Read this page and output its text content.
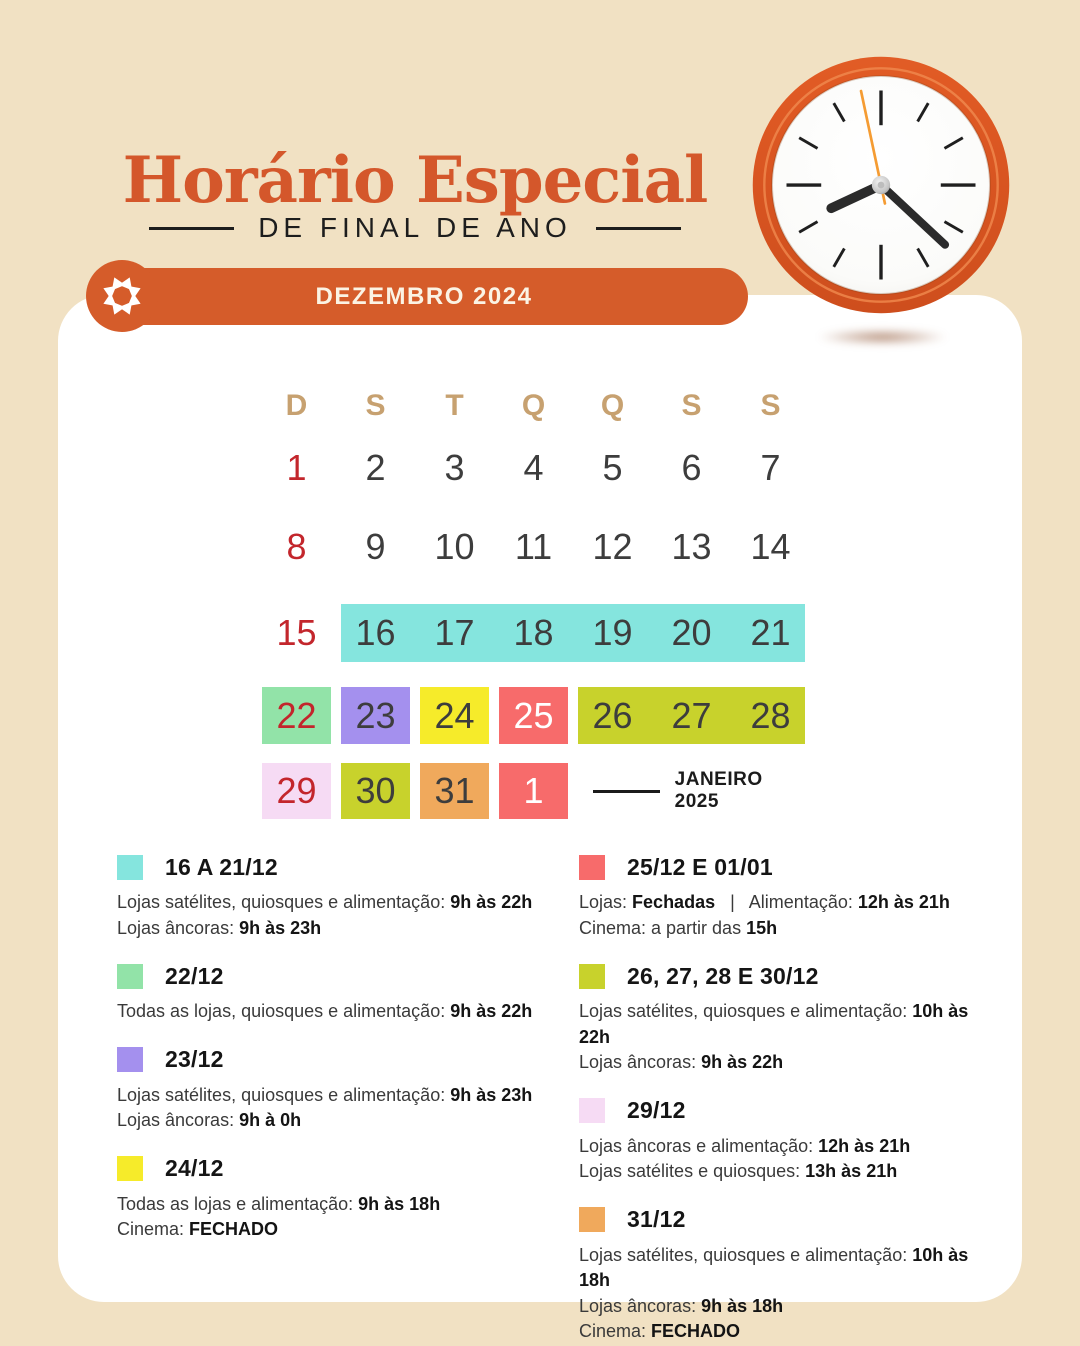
Horário Especial
DE FINAL DE ANO
DEZEMBRO 2024
D	S	T	Q	Q	S	S
1	2	3	4	5	6	7
8	9	10	11	12	13	14
15	16	17	18	19	20	21
22	23	24	25	26	27	28
29	30	31	1	JANEIRO 2025
16 A 21/12
Lojas satélites, quiosques e alimentação: 9h às 22h
Lojas âncoras: 9h às 23h
22/12
Todas as lojas, quiosques e alimentação: 9h às 22h
23/12
Lojas satélites, quiosques e alimentação: 9h às 23h
Lojas âncoras: 9h à 0h
24/12
Todas as lojas e alimentação: 9h às 18h
Cinema: FECHADO
25/12 E 01/01
Lojas: Fechadas   |   Alimentação: 12h às 21h
Cinema: a partir das 15h
26, 27, 28 E 30/12
Lojas satélites, quiosques e alimentação: 10h às 22h
Lojas âncoras: 9h às 22h
29/12
Lojas âncoras e alimentação: 12h às 21h
Lojas satélites e quiosques: 13h às 21h
31/12
Lojas satélites, quiosques e alimentação: 10h às 18h
Lojas âncoras: 9h às 18h
Cinema: FECHADO
